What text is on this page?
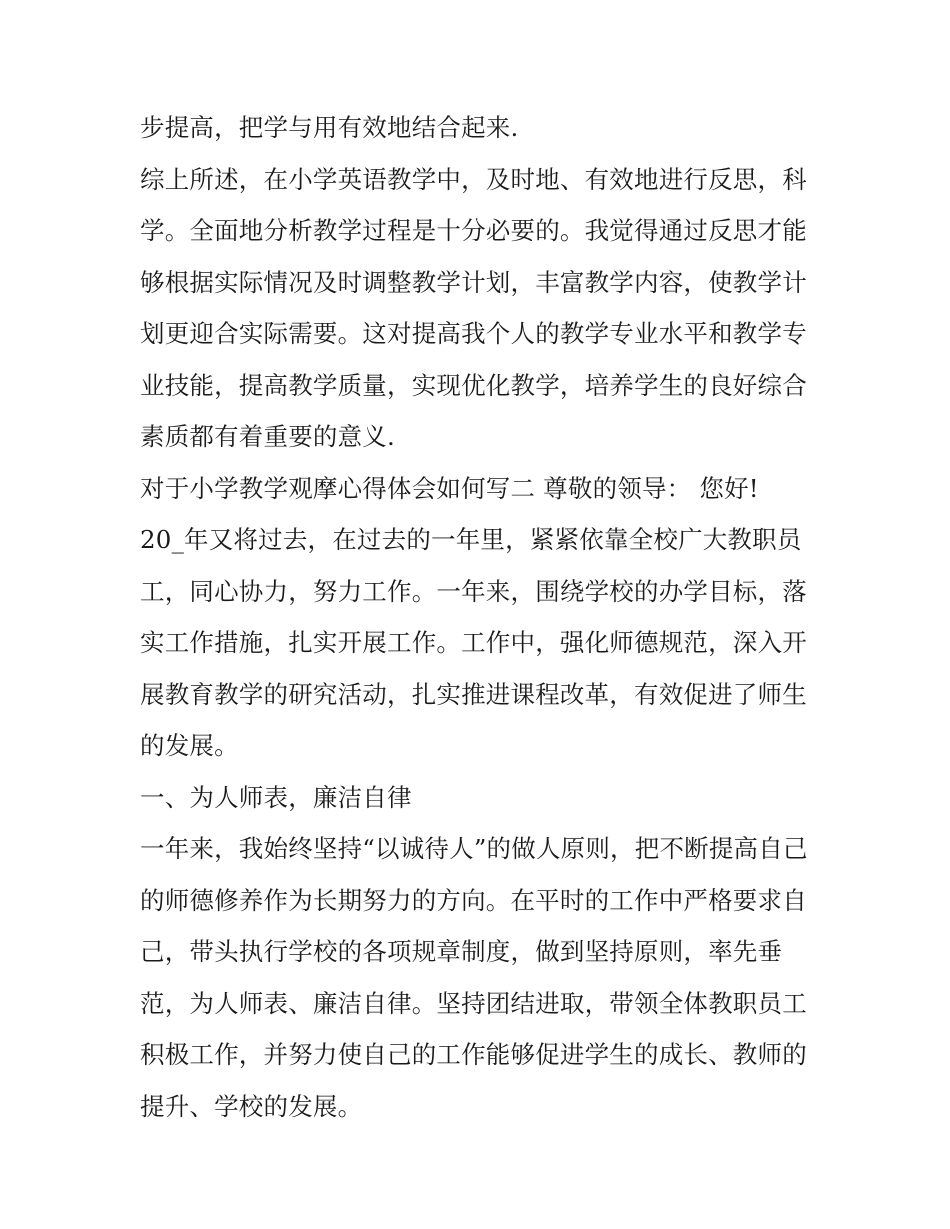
步提高，把学与用有效地结合起来.
综上所述，在小学英语教学中，及时地、有效地进行反思，科
学。全面地分析教学过程是十分必要的。我觉得通过反思才能
够根据实际情况及时调整教学计划，丰富教学内容，使教学计
划更迎合实际需要。这对提高我个人的教学专业水平和教学专
业技能，提高教学质量，实现优化教学，培养学生的良好综合
素质都有着重要的意义.
对于小学教学观摩心得体会如何写二 尊敬的领导： 您好!
20_年又将过去，在过去的一年里，紧紧依靠全校广大教职员
工，同心协力，努力工作。一年来，围绕学校的办学目标，落
实工作措施，扎实开展工作。工作中，强化师德规范，深入开
展教育教学的研究活动，扎实推进课程改革，有效促进了师生
的发展。
一、为人师表，廉洁自律
一年来，我始终坚持“以诚待人”的做人原则，把不断提高自己
的师德修养作为长期努力的方向。在平时的工作中严格要求自
己，带头执行学校的各项规章制度，做到坚持原则，率先垂
范，为人师表、廉洁自律。坚持团结进取，带领全体教职员工
积极工作，并努力使自己的工作能够促进学生的成长、教师的
提升、学校的发展。
